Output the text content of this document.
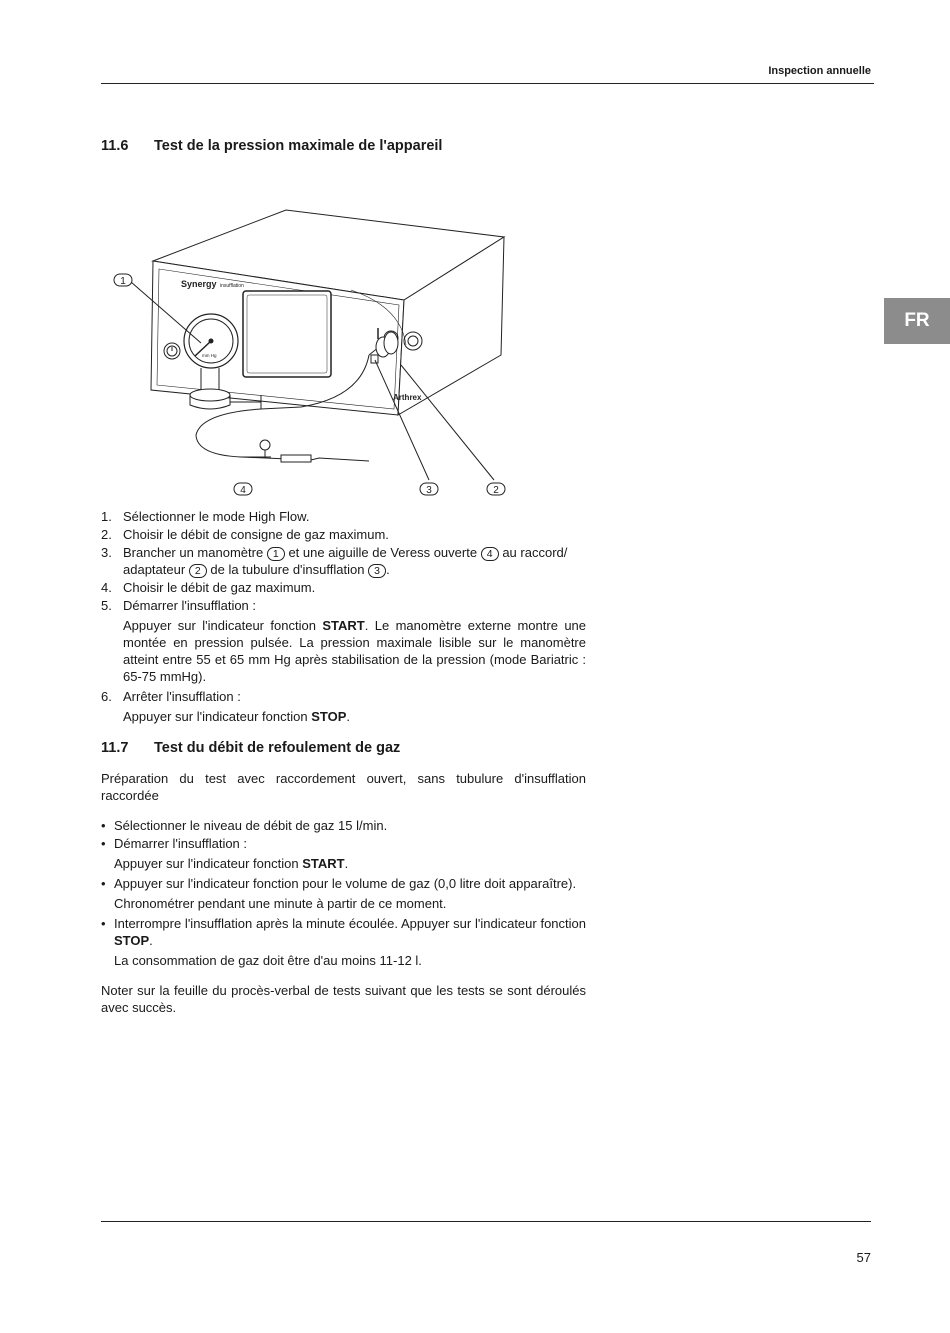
Inspection annuelle
FR
11.6 Test de la pression maximale de l'appareil
Synergy insufflation
Arthrex
mm Hg
1
2
3
4
1. Sélectionner le mode High Flow.
2. Choisir le débit de consigne de gaz maximum.
3. Brancher un manomètre 1 et une aiguille de Veress ouverte 4 au raccord/ adaptateur 2 de la tubulure d'insufflation 3 .
4. Choisir le débit de gaz maximum.
5. Démarrer l'insufflation :
Appuyer sur l'indicateur fonction START. Le manomètre externe montre une montée en pression pulsée. La pression maximale lisible sur le manomètre atteint entre 55 et 65 mm Hg après stabilisation de la pression (mode Bariatric : 65-75 mmHg).
6. Arrêter l'insufflation :
Appuyer sur l'indicateur fonction STOP.
11.7 Test du débit de refoulement de gaz

Préparation du test avec raccordement ouvert, sans tubulure d'insufflation raccordée

• Sélectionner le niveau de débit de gaz 15 l/min.
• Démarrer l'insufflation :
Appuyer sur l'indicateur fonction START.
• Appuyer sur l'indicateur fonction pour le volume de gaz (0,0 litre doit apparaître).
Chronométrer pendant une minute à partir de ce moment.
• Interrompre l'insufflation après la minute écoulée. Appuyer sur l'indicateur fonction STOP.
La consommation de gaz doit être d'au moins 11-12 l.

Noter sur la feuille du procès-verbal de tests suivant que les tests se sont déroulés avec succès.

57
